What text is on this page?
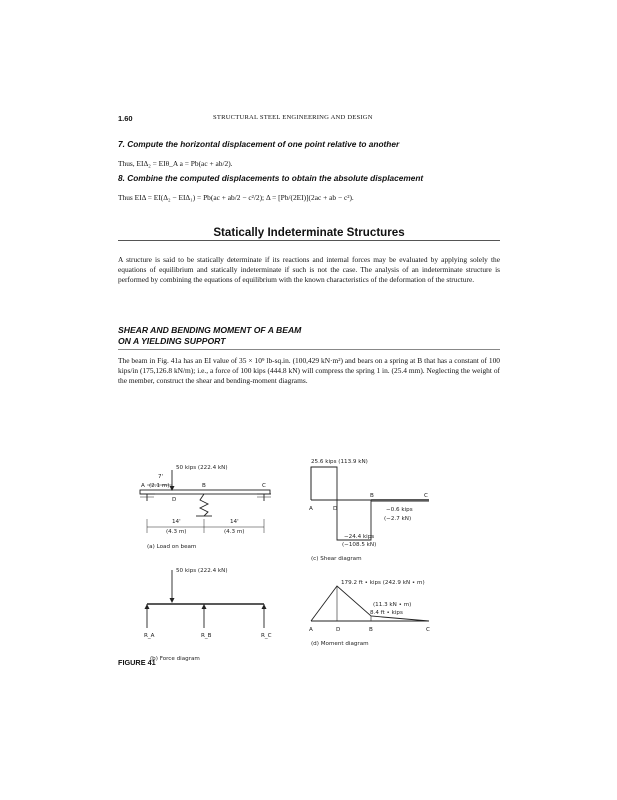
1.60	STRUCTURAL STEEL ENGINEERING AND DESIGN
7. Compute the horizontal displacement of one point relative to another
Thus, EIΔ₂ = EIθ_A a = Pb(ac + ab/2).
8. Combine the computed displacements to obtain the absolute displacement
Thus EIΔ = EI(Δ₂ − EIΔ₁) = Pb(ac + ab/2 − c²/2); Δ = [Pb/(2EI)](2ac + ab − c²).
Statically Indeterminate Structures
A structure is said to be statically determinate if its reactions and internal forces may be evaluated by applying solely the equations of equilibrium and statically indeterminate if such is not the case. The analysis of an indeterminate structure is performed by combining the equations of equilibrium with the known characteristics of the deformation of the structure.
SHEAR AND BENDING MOMENT OF A BEAM
ON A YIELDING SUPPORT
The beam in Fig. 41a has an EI value of 35 × 10⁹ lb-sq.in. (100,429 kN·m²) and bears on a spring at B that has a constant of 100 kips/in (175,126.8 kN/m); i.e., a force of 100 kips (444.8 kN) will compress the spring 1 in. (25.4 mm). Neglecting the weight of the member, construct the shear and bending-moment diagrams.
50 kips (222.4 kN)
7'
A (2.1 m)
D
B	C
14'
(4.3 m)
14'
(4.3 m)
(a) Load on beam
50 kips (222.4 kN)
R_A	R_B	R_C
(b) Force diagram
25.6 kips (113.9 kN)
A	D
B	C
−0.6 kips
(−2.7 kN)
−24.4 kips
(−108.5 kN)
(c) Shear diagram
179.2 ft • kips (242.9 kN • m)
(11.3 kN • m)
8.4 ft • kips
A	D	B	C
(d) Moment diagram
FIGURE 41
